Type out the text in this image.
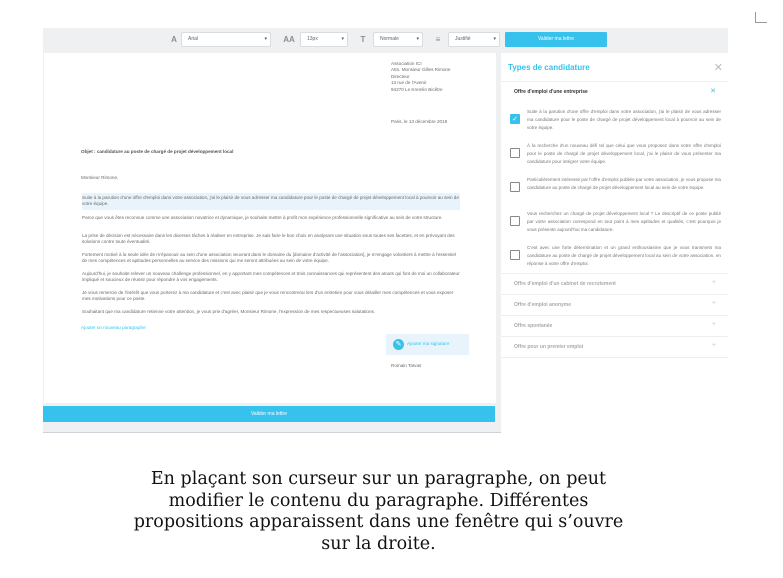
A	Arial	▾ AA	13px	▾	Τ	Normale	▾	≡	Justifié	▾	Valider ma lettre
Association ICI
Attn. Monsieur Gilles Rimone
Directeur
13 rue de l'Avenir
94270 Le Kremlin Bicêtre
Paris, le 13 décembre 2019
Objet : candidature au poste de chargé de projet développement local
Monsieur Rimone,
Suite à la parution d'une offre d'emploi dans votre association, j'ai le plaisir de vous adresser ma candidature pour le poste de chargé de projet développement local à pourvoir au sein de votre équipe.
Parce que vous êtes reconnue comme une association novatrice et dynamique, je souhaite mettre à profit mon expérience professionnelle significative au sein de votre structure.
La prise de décision est nécessaire dans les diverses tâches à réaliser en entreprise. Je sais faire le bon choix en analysant une situation sous toutes ses facettes, et en prévoyant des solutions contre toute éventualité.
Fortement motivé à la seule idée de m'épanouir au sein d'une association œuvrant dans le domaine du [domaine d'activité de l'association], je m'engage volontiers à mettre à l'essentiel de mes compétences et aptitudes personnelles au service des missions qui me seront attribuées au sein de votre équipe.
Aujourd'hui, je souhaite relever un nouveau challenge professionnel, en y apportant mes compétences et trois connaissances qui représentent des atouts qui font de moi un collaborateur impliqué et soucieux de réussir pour répondre à vos engagements.
Je vous remercie de l'intérêt que vous porterez à ma candidature et c'est avec plaisir que je vous rencontrerai lors d'un entretien pour vous détailler mes compétences et vous exposer mes motivations pour ce poste.
Souhaitant que ma candidature retienne votre attention, je vous prie d'agréer, Monsieur Rimone, l'expression de mes respectueuses salutations.
Ajouter un nouveau paragraphe
✎	Ajouter ma signature
Romain Taïvas
Valider ma lettre
Types de candidature	✕
Offre d'emploi d'une entreprise	✕
✓
Suite à la parution d'une offre d'emploi dans votre association, j'ai le plaisir de vous adresser ma candidature pour le poste de chargé de projet développement local à pourvoir au sein de votre équipe.
À la recherche d'un nouveau défi tel que celui que vous proposez dans votre offre d'emploi pour le poste de chargé de projet développement local, j'ai le plaisir de vous présenter ma candidature pour intégrer votre équipe.
Particulièrement intéressé par l'offre d'emploi publiée par votre association, je vous propose ma candidature au poste de chargé de projet développement local au sein de votre équipe.
Vous recherchez un chargé de projet développement local ? Le descriptif de ce poste publié par votre association correspond en tout point à mes aptitudes et qualités, c'est pourquoi je vous présente aujourd'hui ma candidature.
C'est avec une forte détermination et un grand enthousiasme que je vous transmets ma candidature au poste de chargé de projet développement local au sein de votre association, en réponse à votre offre d'emploi.
Offre d'emploi d'un cabinet de recrutement	+
Offre d'emploi anonyme	+
Offre spontanée	+
Offre pour un premier emploi	+
En plaçant son curseur sur un paragraphe, on peut modifier le contenu du paragraphe. Différentes propositions apparaissent dans une fenêtre qui s’ouvre sur la droite.
